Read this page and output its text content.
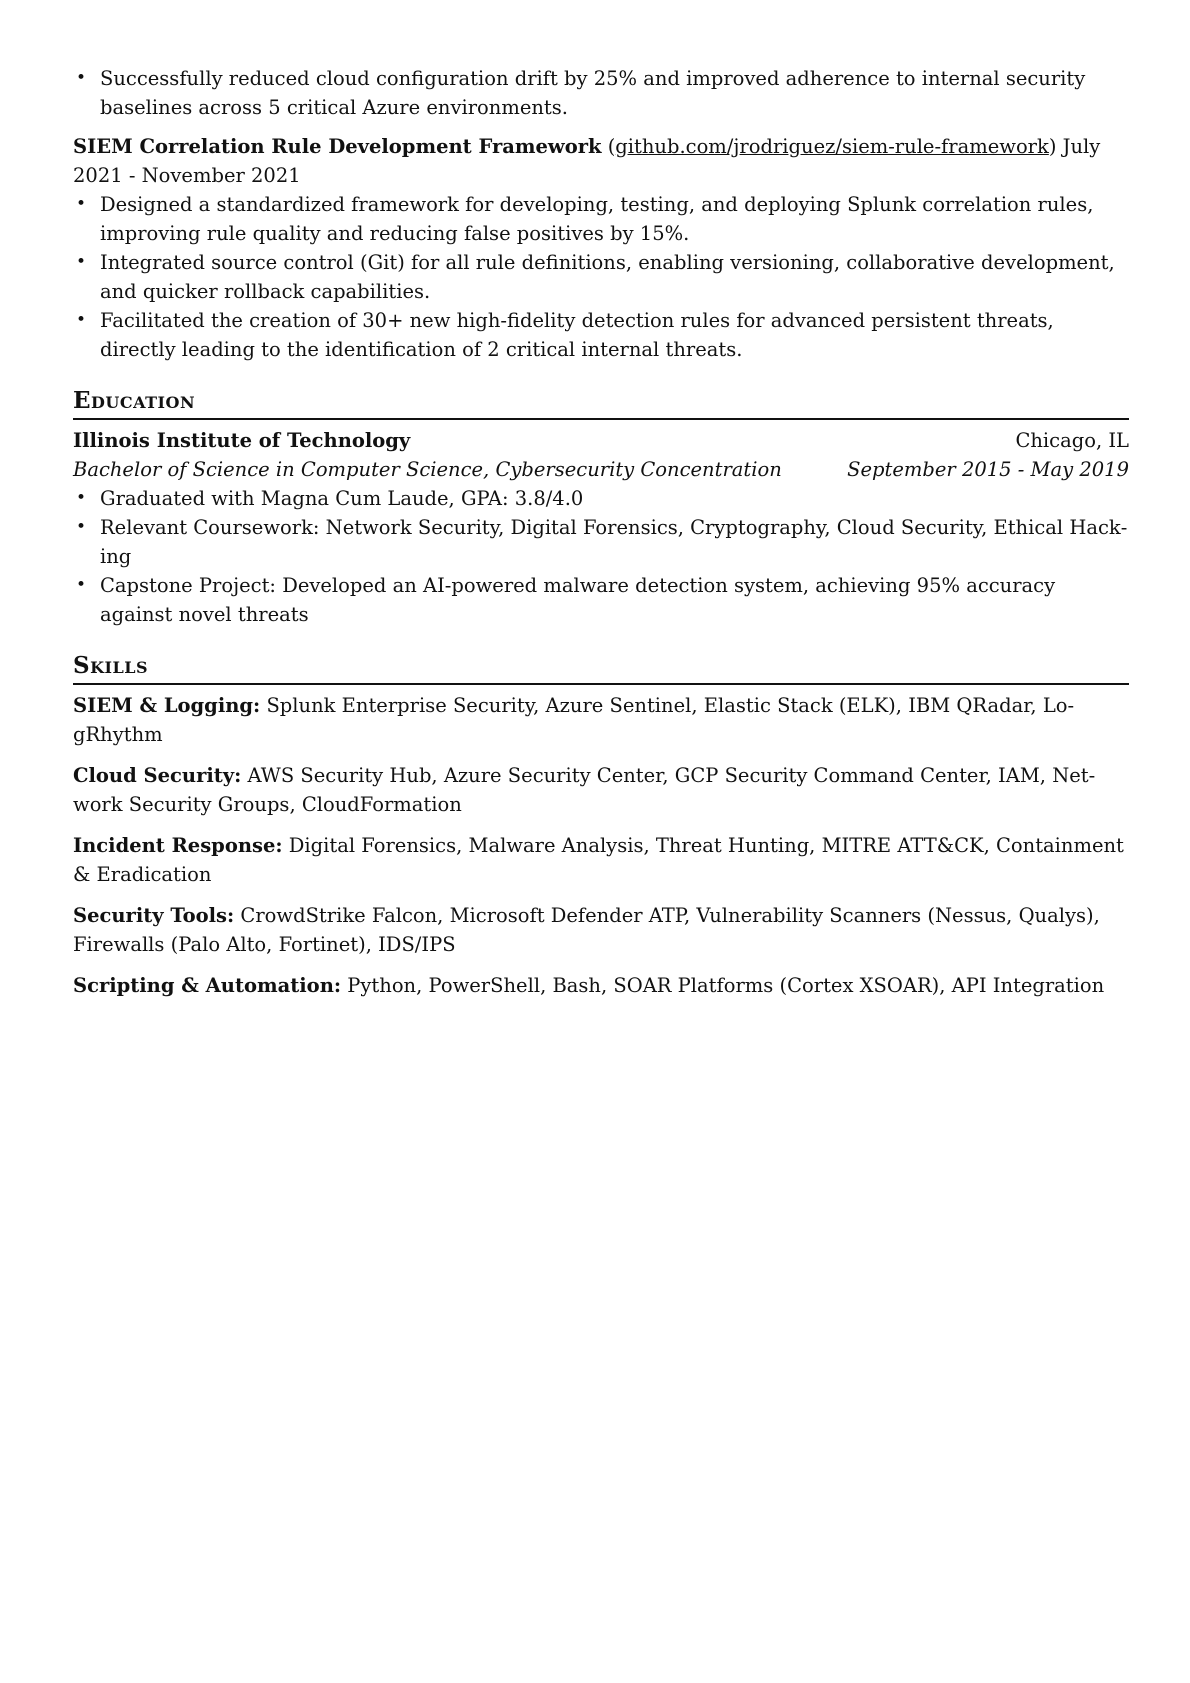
• Successfully reduced cloud configuration drift by 25% and improved adherence to internal security baselines across 5 critical Azure environments.
SIEM Correlation Rule Development Framework (github.com/jrodriguez/siem-rule-framework) July 2021 - November 2021
• Designed a standardized framework for developing, testing, and deploying Splunk correlation rules, improving rule quality and reducing false positives by 15%.
• Integrated source control (Git) for all rule definitions, enabling versioning, collaborative development, and quicker rollback capabilities.
• Facilitated the creation of 30+ new high-fidelity detection rules for advanced persistent threats, directly leading to the identification of 2 critical internal threats.
Education
Illinois Institute of Technology	Chicago, IL
Bachelor of Science in Computer Science, Cybersecurity Concentration	September 2015 - May 2019
• Graduated with Magna Cum Laude, GPA: 3.8/4.0
• Relevant Coursework: Network Security, Digital Forensics, Cryptography, Cloud Security, Ethical Hacking
• Capstone Project: Developed an AI-powered malware detection system, achieving 95% accuracy against novel threats
Skills
SIEM & Logging: Splunk Enterprise Security, Azure Sentinel, Elastic Stack (ELK), IBM QRadar, LogRhythm
Cloud Security: AWS Security Hub, Azure Security Center, GCP Security Command Center, IAM, Network Security Groups, CloudFormation
Incident Response: Digital Forensics, Malware Analysis, Threat Hunting, MITRE ATT&CK, Containment & Eradication
Security Tools: CrowdStrike Falcon, Microsoft Defender ATP, Vulnerability Scanners (Nessus, Qualys), Firewalls (Palo Alto, Fortinet), IDS/IPS
Scripting & Automation: Python, PowerShell, Bash, SOAR Platforms (Cortex XSOAR), API Integration
